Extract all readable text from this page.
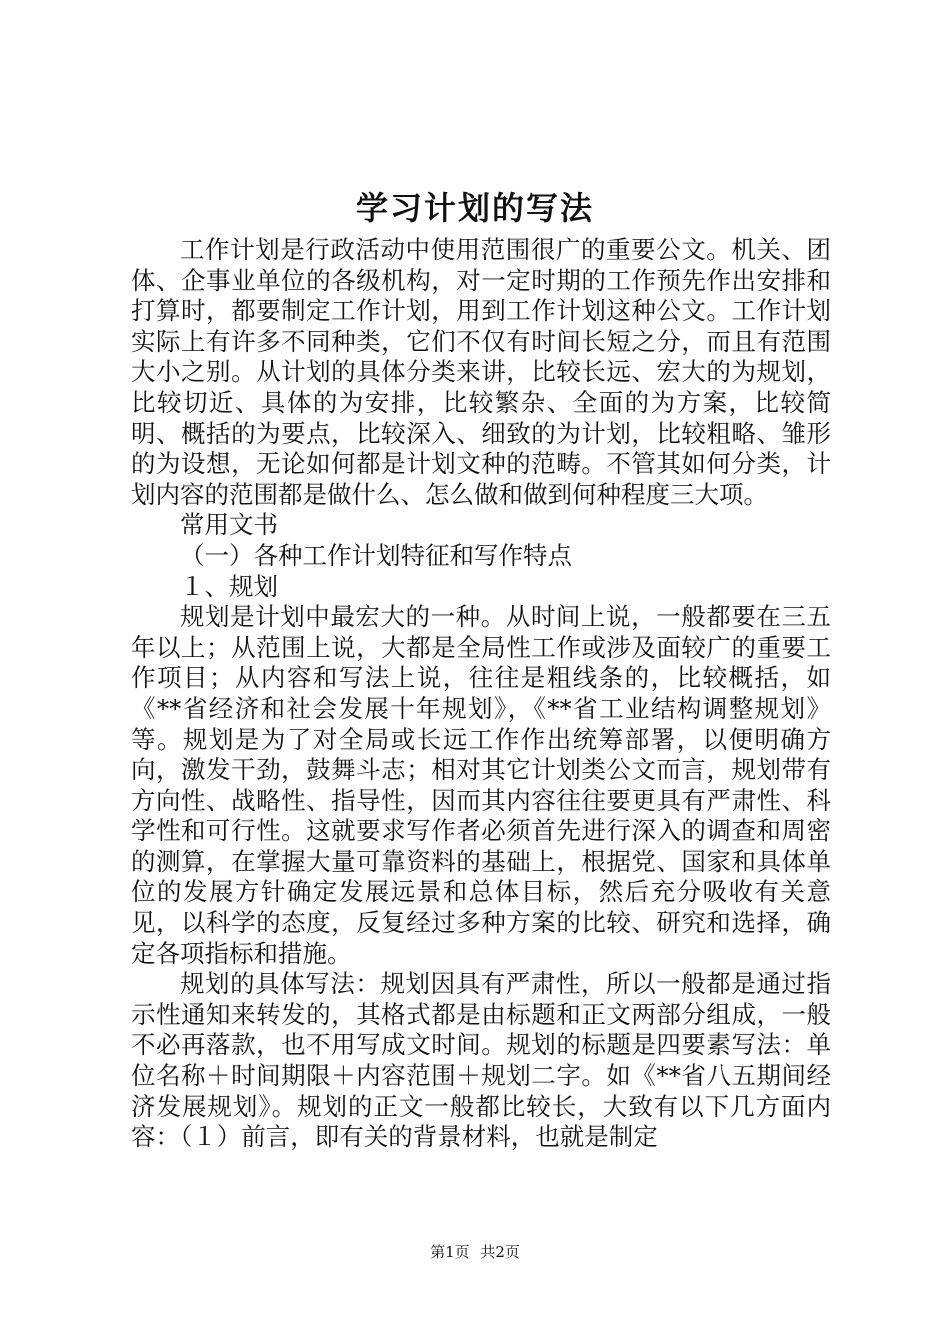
学习计划的写法

工作计划是行政活动中使用范围很广的重要公文。机关、团体、企事业单位的各级机构，对一定时期的工作预先作出安排和打算时，都要制定工作计划，用到工作计划这种公文。工作计划实际上有许多不同种类，它们不仅有时间长短之分，而且有范围大小之别。从计划的具体分类来讲，比较长远、宏大的为规划，比较切近、具体的为安排，比较繁杂、全面的为方案，比较简明、概括的为要点，比较深入、细致的为计划，比较粗略、雏形的为设想，无论如何都是计划文种的范畴。不管其如何分类，计划内容的范围都是做什么、怎么做和做到何种程度三大项。

常用文书

（一）各种工作计划特征和写作特点

１、规划

规划是计划中最宏大的一种。从时间上说，一般都要在三五年以上；从范围上说，大都是全局性工作或涉及面较广的重要工作项目；从内容和写法上说，往往是粗线条的，比较概括，如《**省经济和社会发展十年规划》，《**省工业结构调整规划》等。规划是为了对全局或长远工作作出统筹部署，以便明确方向，激发干劲，鼓舞斗志；相对其它计划类公文而言，规划带有方向性、战略性、指导性，因而其内容往往要更具有严肃性、科学性和可行性。这就要求写作者必须首先进行深入的调查和周密的测算，在掌握大量可靠资料的基础上，根据党、国家和具体单位的发展方针确定发展远景和总体目标，然后充分吸收有关意见，以科学的态度，反复经过多种方案的比较、研究和选择，确定各项指标和措施。

规划的具体写法：规划因具有严肃性，所以一般都是通过指示性通知来转发的，其格式都是由标题和正文两部分组成，一般不必再落款，也不用写成文时间。规划的标题是四要素写法：单位名称＋时间期限＋内容范围＋规划二字。如《**省八五期间经济发展规划》。规划的正文一般都比较长，大致有以下几方面内容：（１）前言，即有关的背景材料，也就是制定

第1页 共2页
